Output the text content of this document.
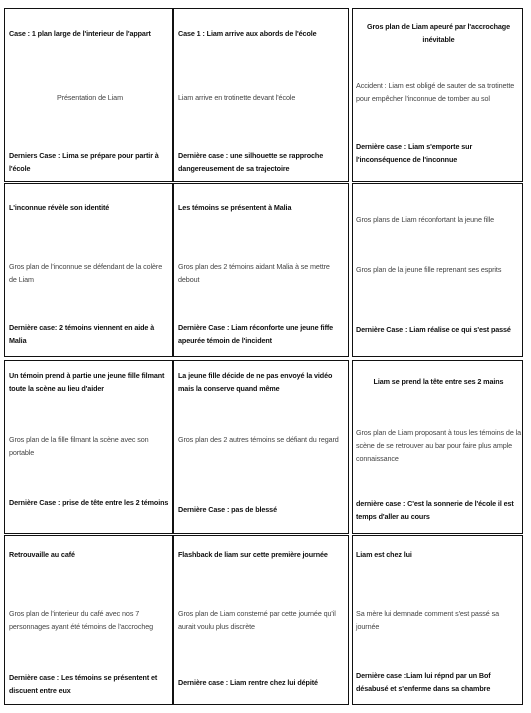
Case : 1 plan large de l'interieur de l'appart
Présentation de Liam
Derniers Case : Lima se prépare pour partir à l'école
Case 1 : Liam arrive aux abords de l'école
Liam arrive en trotinette devant l'école
Dernière case : une silhouette se rapproche dangereusement de sa trajectoire
Gros plan de Liam apeuré par l'accrochage inévitable
Accident : Liam est obligé de sauter de sa trotinette pour empêcher l'inconnue de tomber au sol
Dernière case : Liam s'emporte sur l'inconséquence de l'inconnue
L'inconnue révèle son identité
Gros plan de l'inconnue se défendant de la colère de Liam
Dernière case: 2 témoins viennent en aide à Malia
Les témoins se présentent à Malia
Gros plan des 2 témoins aidant Malia à se mettre debout
Dernière Case : Liam réconforte une jeune fiffe apeurée témoin de l'incident
Gros plans de Liam réconfortant la jeune fille
Gros plan de la jeune fille reprenant ses esprits
Dernière Case : Liam réalise ce qui s'est passé
Un témoin prend à partie une jeune fille filmant toute la scène au lieu d'aider
Gros plan de la fille filmant la scène avec son portable
Dernière Case : prise de tête entre les 2 témoins
La jeune fille décide de ne pas envoyé la vidéo mais la conserve quand même
Gros plan des 2 autres témoins se défiant du regard
Dernière Case : pas de blessé
Liam se prend la tête entre ses 2 mains
Gros plan de Liam proposant à tous les témoins de la scène de se retrouver au bar pour faire plus ample connaissance
dernière case : C'est la sonnerie de l'école il est temps d'aller au cours
Retrouvaille au café
Gros plan de l'interieur du café avec nos 7 personnages ayant été témoins de l'accrocheg
Dernière case : Les témoins se présentent et discuent entre eux
Flashback de liam sur cette première journée
Gros plan de Liam consterné par cette journée qu'il aurait voulu plus discrète
Dernière case : Liam rentre chez lui dépité
Liam est chez lui
Sa mère lui demnade comment s'est passé sa journée
Dernière case :Liam lui répnd par un Bof désabusé et s'enferme dans sa chambre
